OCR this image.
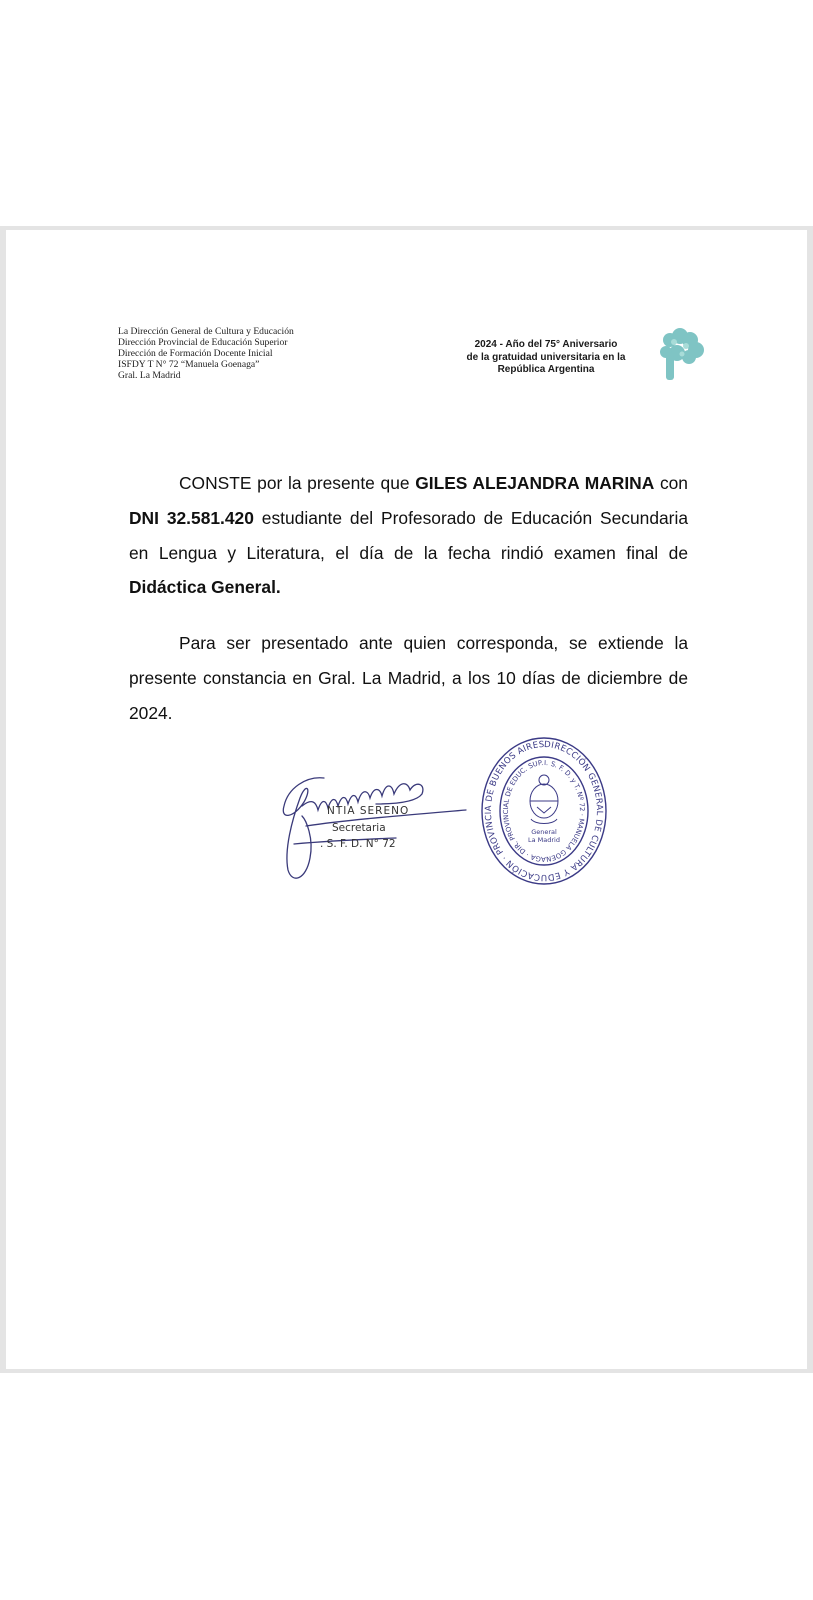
La Dirección General de Cultura y Educación
Dirección Provincial de Educación Superior
Dirección de Formación Docente Inicial
ISFDY T N° 72 “Manuela Goenaga”
Gral. La Madrid
2024 - Año del 75° Aniversario
de la gratuidad universitaria en la
República Argentina

CONSTE por la presente que GILES ALEJANDRA MARINA con DNI 32.581.420 estudiante del Profesorado de Educación Secundaria en Lengua y Literatura, el día de la fecha rindió examen final de Didáctica General.

Para ser presentado ante quien corresponda, se extiende la presente constancia en Gral. La Madrid, a los 10 días de diciembre de 2024.

NTIA SERENO
Secretaria
. S. F. D. N° 72
DIRECCIÓN GENERAL DE CULTURA Y EDUCACIÓN · PROVINCIA DE BUENOS AIRES
I. S. F. D. y T. Nº 72 · MANUELA GOENAGA · DIR. PROVINCIAL DE EDUC. SUP.
General
La Madrid
